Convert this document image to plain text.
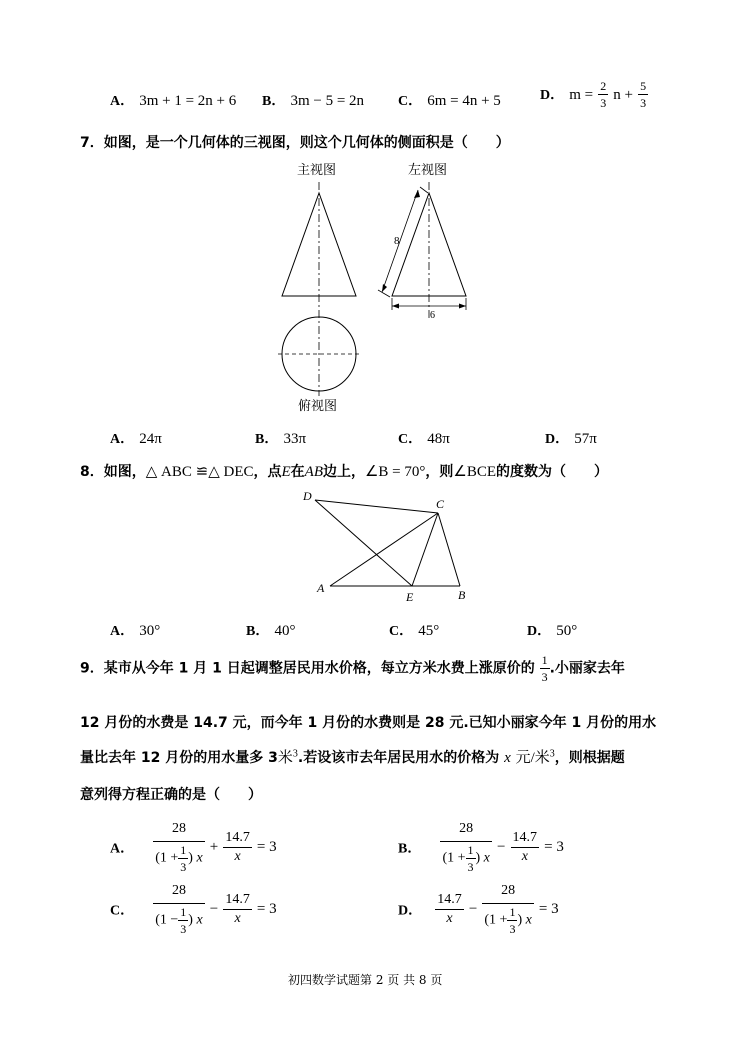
A． 3m + 1 = 2n + 6 B． 3m − 5 = 2n C． 6m = 4n + 5	D． $m = \frac{2}{3}$ $n + \frac{5}{3}$
7．如图，是一个几何体的三视图，则这个几何体的侧面积是（　　）
主视图	左视图
俯视图
8
6
A． 24π	B． 33π	C． 48π	D． 57π
8．如图，△ ABC ≌△ DEC，点E在AB边上，∠B = 70°，则∠BCE的度数为（　　）
D
C
A
E	B
A． 30°	B． 40°	C． 45°	D． 50°
9．某市从今年 1 月 1 日起调整居民用水价格，每立方米水费上涨原价的 $\frac{1}{3}$ .小丽家去年
12 月份的水费是 14.7 元，而今年 1 月份的水费则是 28 元.已知小丽家今年 1 月份的用水
量比去年 12 月份的用水量多 3米$^3$.若设该市去年居民用水的价格为 x 元/米$^3$，则根据题
意列得方程正确的是（　　）
A． $\frac{28}{(1 + \frac{1}{3} ) x} + \frac{14.7}{x} = 3$	B． $\frac{28}{(1 + \frac{1}{3} ) x} - \frac{14.7}{x} = 3$
C． $\frac{28}{(1 - \frac{1}{3} ) x} - \frac{14.7}{x} = 3$	D． $\frac{14.7}{x} - \frac{28}{(1 + \frac{1}{3} ) x} = 3$
初四数学试题第 2 页 共 8 页
